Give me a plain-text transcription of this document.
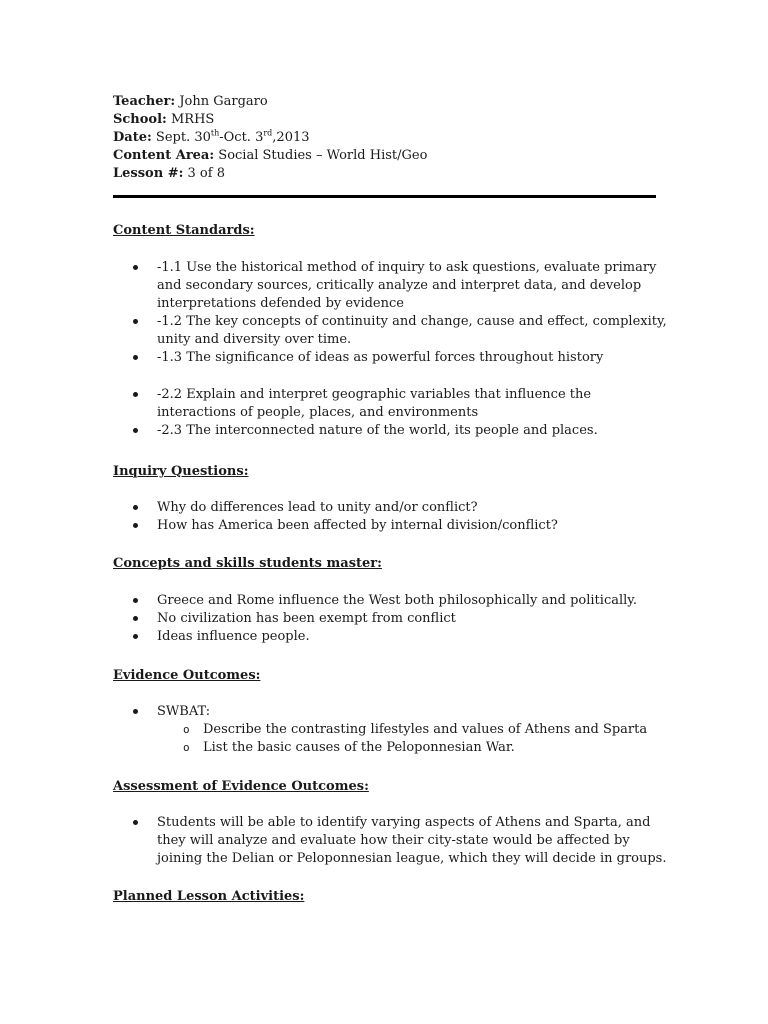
Teacher: John Gargaro

School: MRHS

Date: Sept. 30th-Oct. 3rd,2013

Content Area: Social Studies – World Hist/Geo

Lesson #: 3 of 8

Content Standards:

-1.1 Use the historical method of inquiry to ask questions, evaluate primary and secondary sources, critically analyze and interpret data, and develop interpretations defended by evidence
-1.2 The key concepts of continuity and change, cause and effect, complexity, unity and diversity over time.
-1.3 The significance of ideas as powerful forces throughout history
-2.2 Explain and interpret geographic variables that influence the interactions of people, places, and environments
-2.3 The interconnected nature of the world, its people and places.

Inquiry Questions:

Why do differences lead to unity and/or conflict?
How has America been affected by internal division/conflict?

Concepts and skills students master:

Greece and Rome influence the West both philosophically and politically.
No civilization has been exempt from conflict
Ideas influence people.

Evidence Outcomes:

SWBAT:
o Describe the contrasting lifestyles and values of Athens and Sparta
o List the basic causes of the Peloponnesian War.

Assessment of Evidence Outcomes:

Students will be able to identify varying aspects of Athens and Sparta, and they will analyze and evaluate how their city-state would be affected by joining the Delian or Peloponnesian league, which they will decide in groups.

Planned Lesson Activities:
